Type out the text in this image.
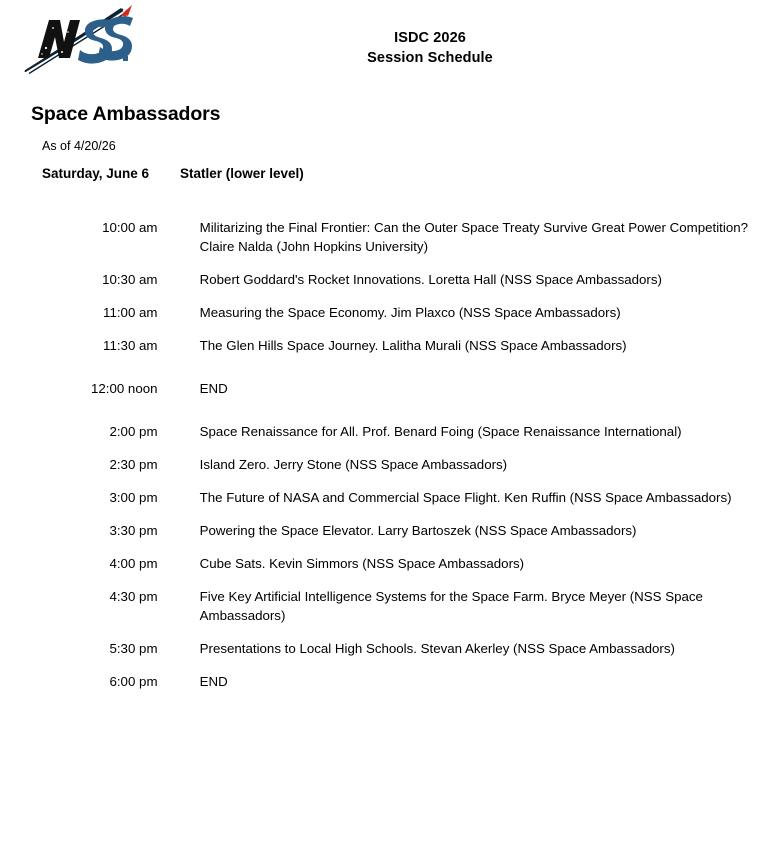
ISDC 2026
Session Schedule
Space Ambassadors
As of 4/20/26
Saturday, June 6 Statler (lower level)
10:00 am		Militarizing the Final Frontier: Can the Outer Space Treaty Survive Great Power Competition? Claire Nalda (John Hopkins University)

10:30 am		Robert Goddard's Rocket Innovations. Loretta Hall (NSS Space Ambassadors)

11:00 am		Measuring the Space Economy. Jim Plaxco (NSS Space Ambassadors)

11:30 am		The Glen Hills Space Journey. Lalitha Murali (NSS Space Ambassadors)

12:00 noon		END

2:00 pm		Space Renaissance for All. Prof. Benard Foing (Space Renaissance International)

2:30 pm		Island Zero. Jerry Stone (NSS Space Ambassadors)

3:00 pm		The Future of NASA and Commercial Space Flight. Ken Ruffin (NSS Space Ambassadors)

3:30 pm		Powering the Space Elevator. Larry Bartoszek (NSS Space Ambassadors)

4:00 pm		Cube Sats. Kevin Simmors (NSS Space Ambassadors)

4:30 pm		Five Key Artificial Intelligence Systems for the Space Farm. Bryce Meyer (NSS Space Ambassadors)

5:30 pm		Presentations to Local High Schools. Stevan Akerley (NSS Space Ambassadors)

6:00 pm		END
